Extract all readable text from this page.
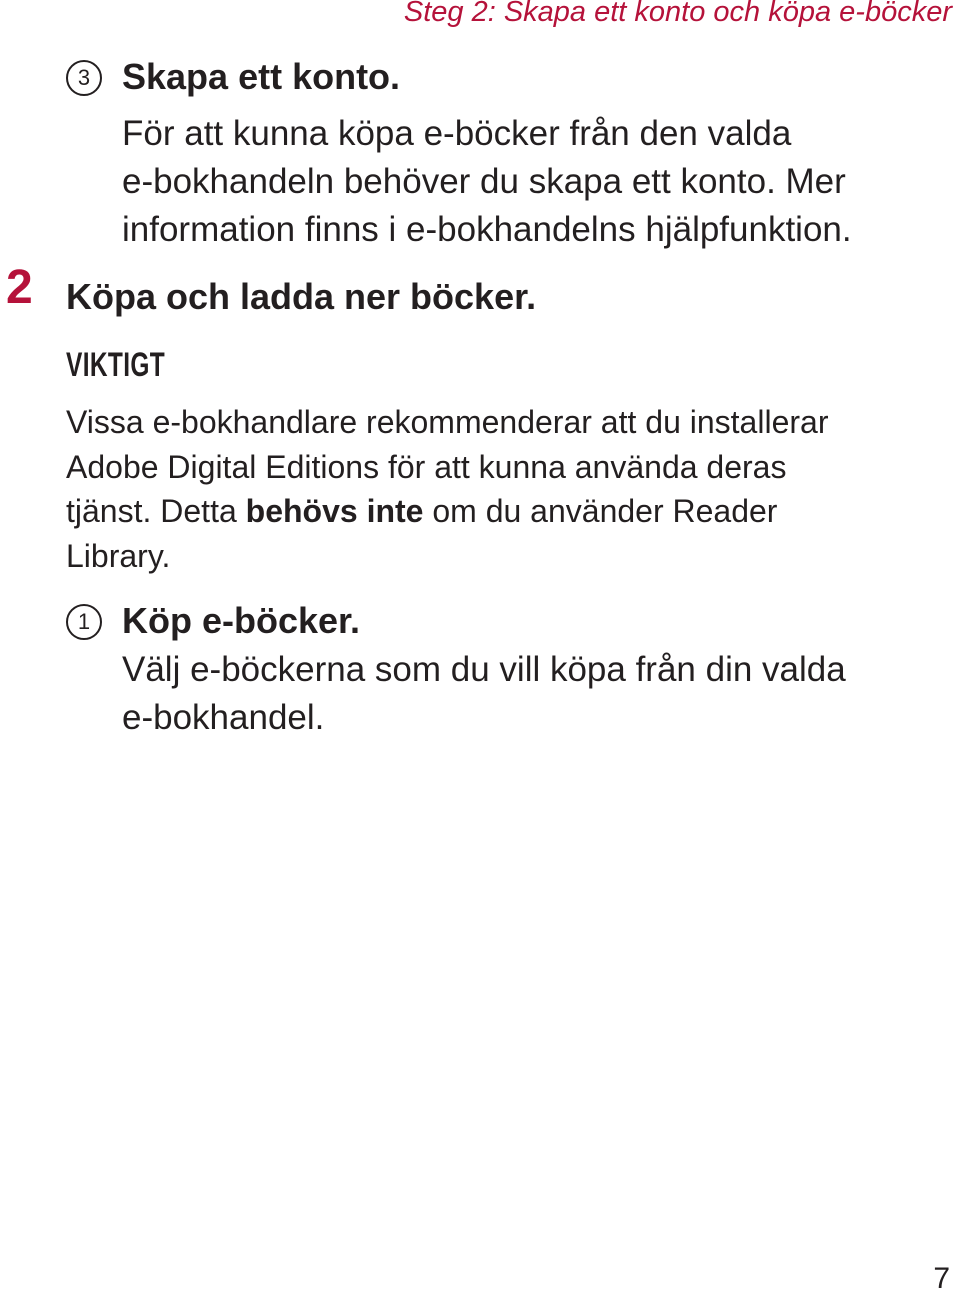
Steg 2: Skapa ett konto och köpa e-böcker
3 Skapa ett konto.
För att kunna köpa e-böcker från den valda
e-bokhandeln behöver du skapa ett konto. Mer
information finns i e-bokhandelns hjälpfunktion.
2 Köpa och ladda ner böcker.
VIKTIGT
Vissa e-bokhandlare rekommenderar att du installerar
Adobe Digital Editions för att kunna använda deras
tjänst. Detta behövs inte om du använder Reader
Library.
1 Köp e-böcker.
Välj e-böckerna som du vill köpa från din valda
e-bokhandel.
7
